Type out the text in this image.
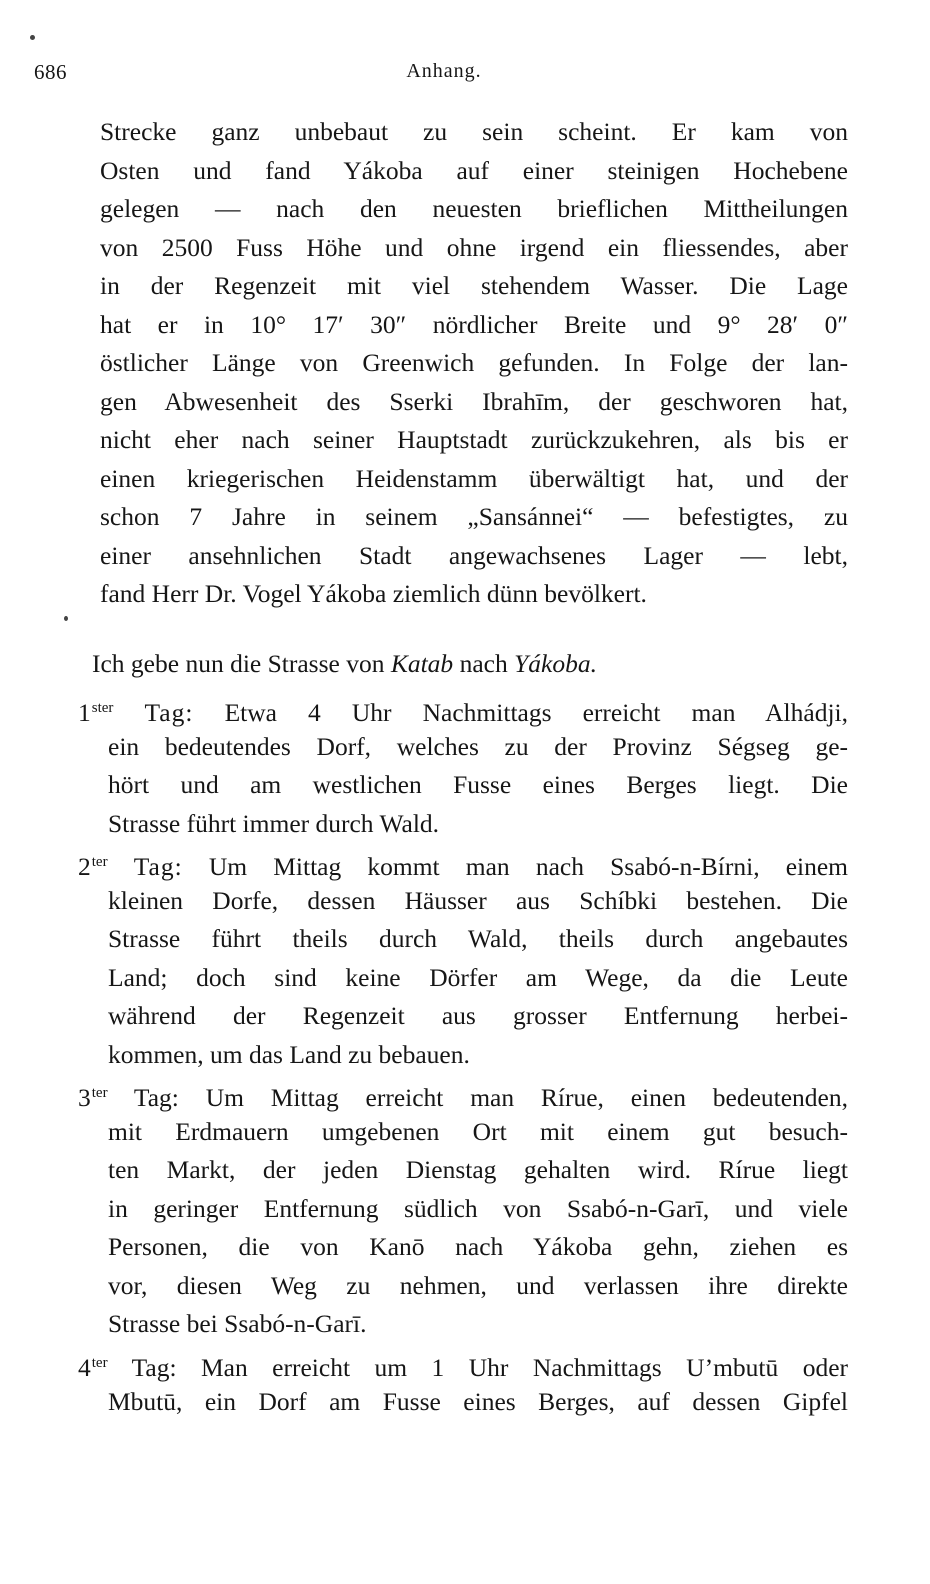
686	Anhang.
Strecke ganz unbebaut zu sein scheint. Er kam von
Osten und fand Yákoba auf einer steinigen Hochebene
gelegen — nach den neuesten brieflichen Mittheilungen
von 2500 Fuss Höhe und ohne irgend ein fliessendes, aber
in der Regenzeit mit viel stehendem Wasser. Die Lage
hat er in 10° 17′ 30″ nördlicher Breite und 9° 28′ 0″
östlicher Länge von Greenwich gefunden. In Folge der lan-
gen Abwesenheit des Sserki Ibrahīm, der geschworen hat,
nicht eher nach seiner Hauptstadt zurückzukehren, als bis er
einen kriegerischen Heidenstamm überwältigt hat, und der
schon 7 Jahre in seinem „Sansánnei“ — befestigtes, zu
einer ansehnlichen Stadt angewachsenes Lager — lebt,
fand Herr Dr. Vogel Yákoba ziemlich dünn bevölkert.
Ich gebe nun die Strasse von Katab nach Yákoba.
$1^{ster}$ Tag: Etwa 4 Uhr Nachmittags erreicht man Alhádji,
ein bedeutendes Dorf, welches zu der Provinz Ségseg ge-
hört und am westlichen Fusse eines Berges liegt. Die
Strasse führt immer durch Wald.
$2^{ter}$ Tag: Um Mittag kommt man nach Ssabó-n-Bírni, einem
kleinen Dorfe, dessen Häusser aus Schíbki bestehen. Die
Strasse führt theils durch Wald, theils durch angebautes
Land; doch sind keine Dörfer am Wege, da die Leute
während der Regenzeit aus grosser Entfernung herbei-
kommen, um das Land zu bebauen.
$3^{ter}$ Tag: Um Mittag erreicht man Rírue, einen bedeutenden,
mit Erdmauern umgebenen Ort mit einem gut besuch-
ten Markt, der jeden Dienstag gehalten wird. Rírue liegt
in geringer Entfernung südlich von Ssabó-n-Garī, und viele
Personen, die von Kanō nach Yákoba gehn, ziehen es
vor, diesen Weg zu nehmen, und verlassen ihre direkte
Strasse bei Ssabó-n-Garī.
$4^{ter}$ Tag: Man erreicht um 1 Uhr Nachmittags U’mbutū oder
Mbutū, ein Dorf am Fusse eines Berges, auf dessen Gipfel
